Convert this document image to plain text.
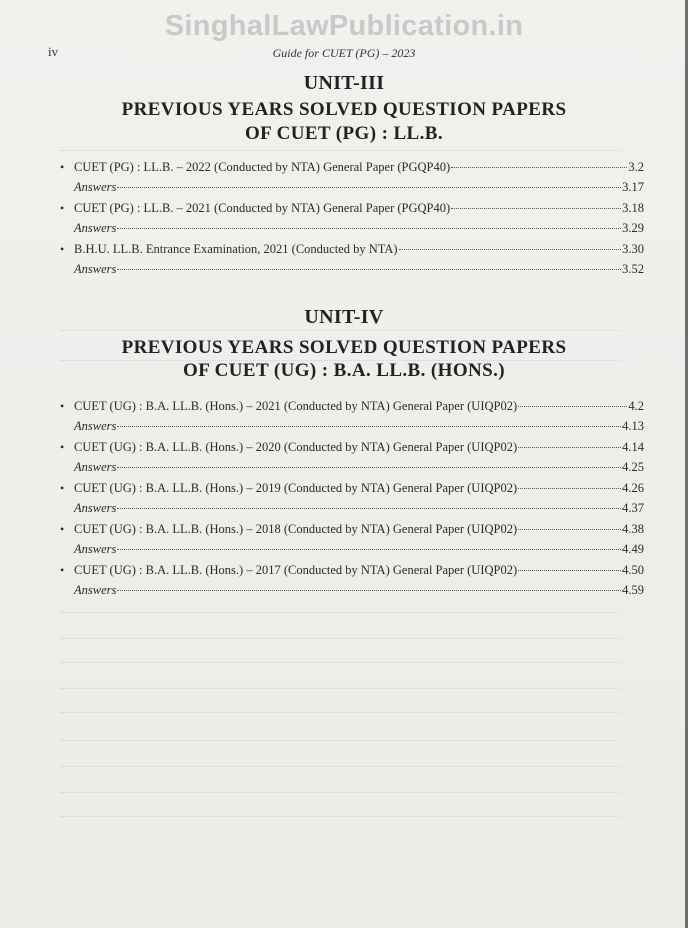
SinghalLawPublication.in
iv	Guide for CUET (PG) – 2023
UNIT-III
PREVIOUS YEARS SOLVED QUESTION PAPERS
OF CUET (PG) : LL.B.
• CUET (PG) : LL.B. – 2022 (Conducted by NTA) General Paper (PGQP40)	3.2
Answers	3.17
• CUET (PG) : LL.B. – 2021 (Conducted by NTA) General Paper (PGQP40)	3.18
Answers	3.29
• B.H.U. LL.B. Entrance Examination, 2021 (Conducted by NTA)	3.30
Answers	3.52
UNIT-IV
PREVIOUS YEARS SOLVED QUESTION PAPERS
OF CUET (UG) : B.A. LL.B. (HONS.)
• CUET (UG) : B.A. LL.B. (Hons.) – 2021 (Conducted by NTA) General Paper (UIQP02)	4.2
Answers	4.13
• CUET (UG) : B.A. LL.B. (Hons.) – 2020 (Conducted by NTA) General Paper (UIQP02)	4.14
Answers	4.25
• CUET (UG) : B.A. LL.B. (Hons.) – 2019 (Conducted by NTA) General Paper (UIQP02)	4.26
Answers	4.37
• CUET (UG) : B.A. LL.B. (Hons.) – 2018 (Conducted by NTA) General Paper (UIQP02)	4.38
Answers	4.49
• CUET (UG) : B.A. LL.B. (Hons.) – 2017 (Conducted by NTA) General Paper (UIQP02)	4.50
Answers	4.59
